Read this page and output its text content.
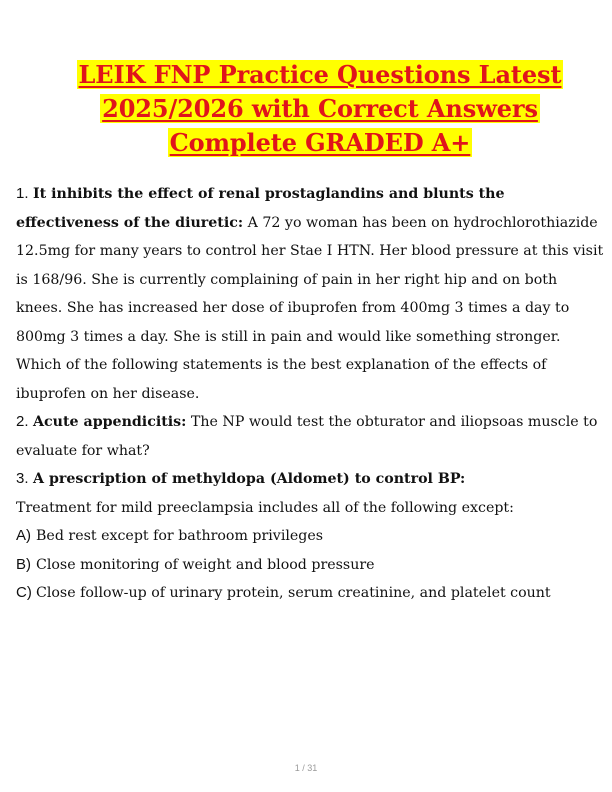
LEIK FNP Practice Questions Latest
2025/2026 with Correct Answers
Complete GRADED A+

1. It inhibits the effect of renal prostaglandins and blunts the effectiveness of the diuretic: A 72 yo woman has been on hydrochlorothiazide 12.5mg for many years to control her Stae I HTN. Her blood pressure at this visit is 168/96. She is currently complaining of pain in her right hip and on both knees. She has increased her dose of ibuprofen from 400mg 3 times a day to 800mg 3 times a day. She is still in pain and would like something stronger. Which of the following statements is the best explanation of the effects of ibuprofen on her disease.

2. Acute appendicitis: The NP would test the obturator and iliopsoas muscle to evaluate for what?

3. A prescription of methyldopa (Aldomet) to control BP:

Treatment for mild preeclampsia includes all of the following except:

A) Bed rest except for bathroom privileges
B) Close monitoring of weight and blood pressure
C) Close follow-up of urinary protein, serum creatinine, and platelet count
1 / 31
